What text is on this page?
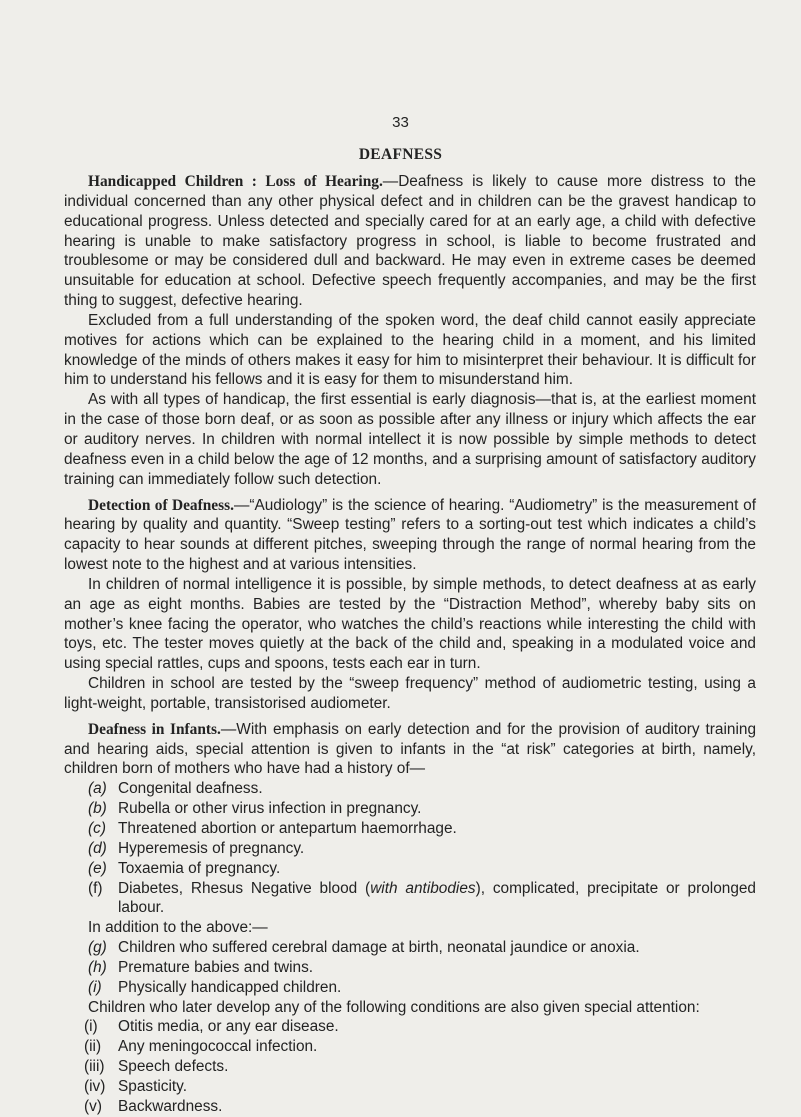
33
DEAFNESS

Handicapped Children : Loss of Hearing.—Deafness is likely to cause more distress to the individual concerned than any other physical defect and in children can be the gravest handicap to educational progress. Unless detected and specially cared for at an early age, a child with defective hearing is unable to make satisfactory progress in school, is liable to become frustrated and troublesome or may be considered dull and backward. He may even in extreme cases be deemed unsuitable for education at school. Defective speech frequently accompanies, and may be the first thing to suggest, defective hearing.

Excluded from a full understanding of the spoken word, the deaf child cannot easily appreciate motives for actions which can be explained to the hearing child in a moment, and his limited knowledge of the minds of others makes it easy for him to misinterpret their behaviour. It is difficult for him to understand his fellows and it is easy for them to misunderstand him.

As with all types of handicap, the first essential is early diagnosis—that is, at the earliest moment in the case of those born deaf, or as soon as possible after any illness or injury which affects the ear or auditory nerves. In children with normal intellect it is now possible by simple methods to detect deafness even in a child below the age of 12 months, and a surprising amount of satisfactory auditory training can immediately follow such detection.

Detection of Deafness.—“Audiology” is the science of hearing. “Audiometry” is the measurement of hearing by quality and quantity. “Sweep testing” refers to a sorting-out test which indicates a child’s capacity to hear sounds at different pitches, sweeping through the range of normal hearing from the lowest note to the highest and at various intensities.

In children of normal intelligence it is possible, by simple methods, to detect deafness at as early an age as eight months. Babies are tested by the “Distraction Method”, whereby baby sits on mother’s knee facing the operator, who watches the child’s reactions while interesting the child with toys, etc. The tester moves quietly at the back of the child and, speaking in a modulated voice and using special rattles, cups and spoons, tests each ear in turn.

Children in school are tested by the “sweep frequency” method of audiometric testing, using a light-weight, portable, transistorised audiometer.

Deafness in Infants.—With emphasis on early detection and for the provision of auditory training and hearing aids, special attention is given to infants in the “at risk” categories at birth, namely, children born of mothers who have had a history of—

(a) Congenital deafness.
(b) Rubella or other virus infection in pregnancy.
(c) Threatened abortion or antepartum haemorrhage.
(d) Hyperemesis of pregnancy.
(e) Toxaemia of pregnancy.
(f) Diabetes, Rhesus Negative blood (with antibodies), complicated, precipitate or prolonged labour.
In addition to the above:—
(g) Children who suffered cerebral damage at birth, neonatal jaundice or anoxia.
(h) Premature babies and twins.
(i) Physically handicapped children.
Children who later develop any of the following conditions are also given special attention:
(i) Otitis media, or any ear disease.
(ii) Any meningococcal infection.
(iii) Speech defects.
(iv) Spasticity.
(v) Backwardness.
